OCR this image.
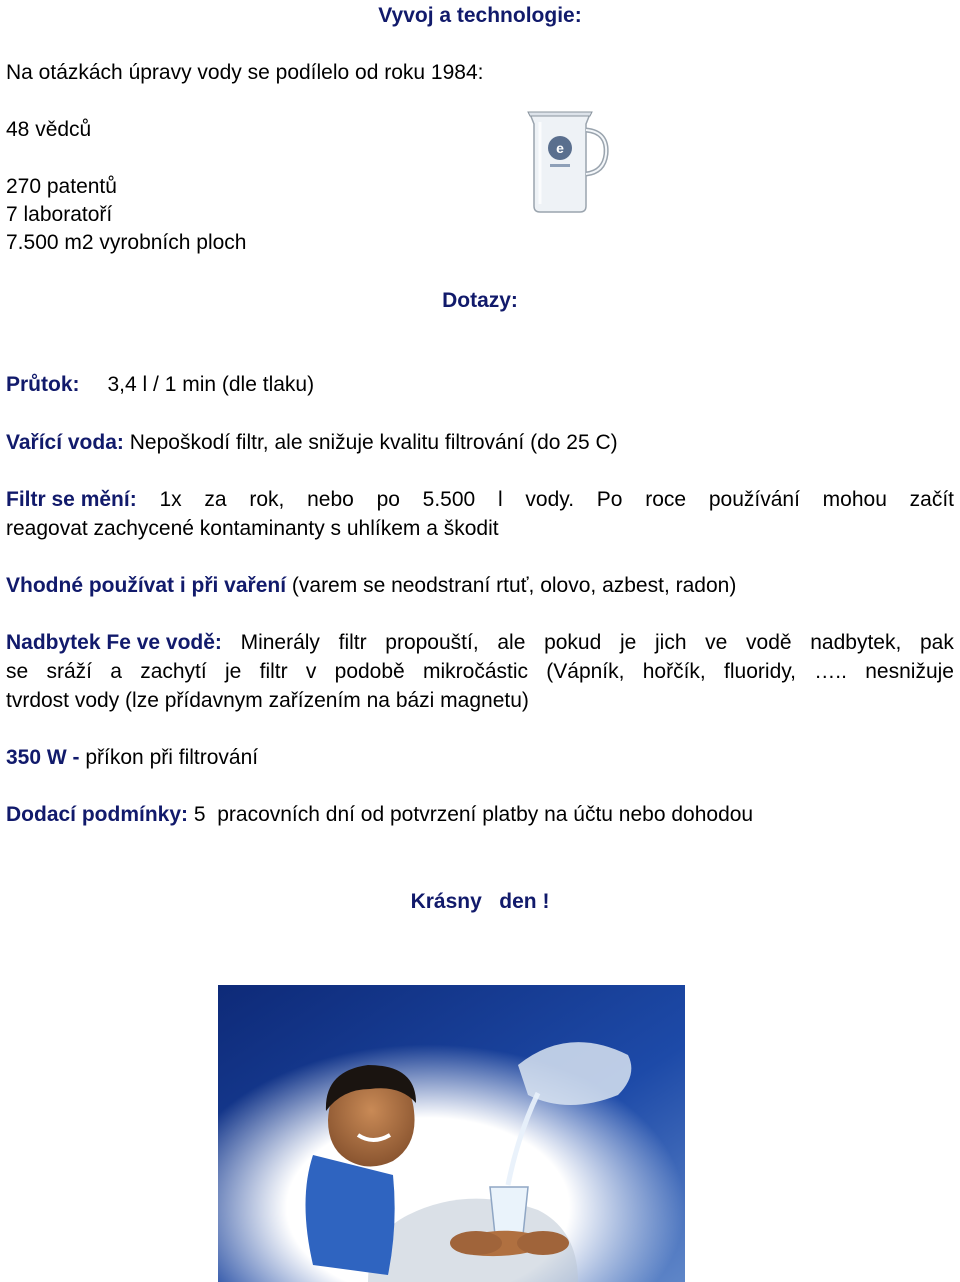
Vyvoj a technologie:
Na otázkách úpravy vody se podílelo od roku 1984:
48 vědců
270 patentů
7 laboratoří
7.500 m2 vyrobních ploch
e
Dotazy:
Průtok: 3,4 l / 1 min (dle tlaku)
Vařící voda: Nepoškodí filtr, ale snižuje kvalitu filtrování (do 25 C)
Filtr se mění: 1x za rok, nebo po 5.500 l vody. Po roce používání mohou začít
reagovat zachycené kontaminanty s uhlíkem a škodit
Vhodné používat i při vaření (varem se neodstraní rtuť, olovo, azbest, radon)
Nadbytek Fe ve vodě: Minerály filtr propouští, ale pokud je jich ve vodě nadbytek, pak
se sráží a zachytí je filtr v podobě mikročástic (Vápník, hořčík, fluoridy, ….. nesnižuje
tvrdost vody (lze přídavnym zařízením na bázi magnetu)
350 W - příkon při filtrování
Dodací podmínky: 5  pracovních dní od potvrzení platby na účtu nebo dohodou
Krásny   den !
